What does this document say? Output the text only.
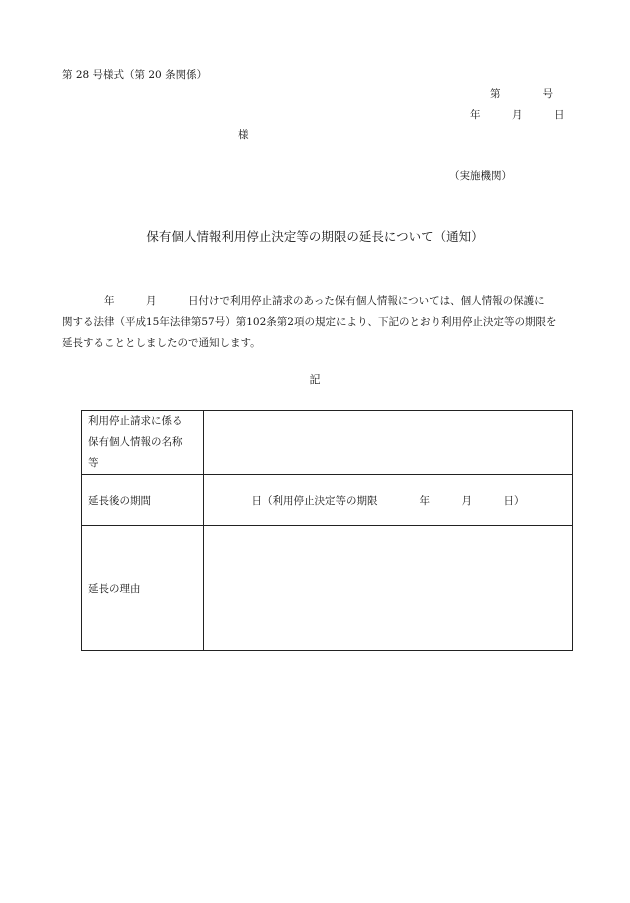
第 28 号様式（第 20 条関係）
第　　　　号
年　　　月　　　日
様
（実施機関）
保有個人情報利用停止決定等の期限の延長について（通知）
　　　　年　　　月　　　日付けで利用停止請求のあった保有個人情報については、個人情報の保護に
関する法律（平成15年法律第57号）第102条第2項の規定により、下記のとおり利用停止決定等の期限を
延長することとしましたので通知します。
記
利用停止請求に係る保有個人情報の名称等	

延長後の期間	日（利用停止決定等の期限　　　　年　　　月　　　日）
延長の理由	
